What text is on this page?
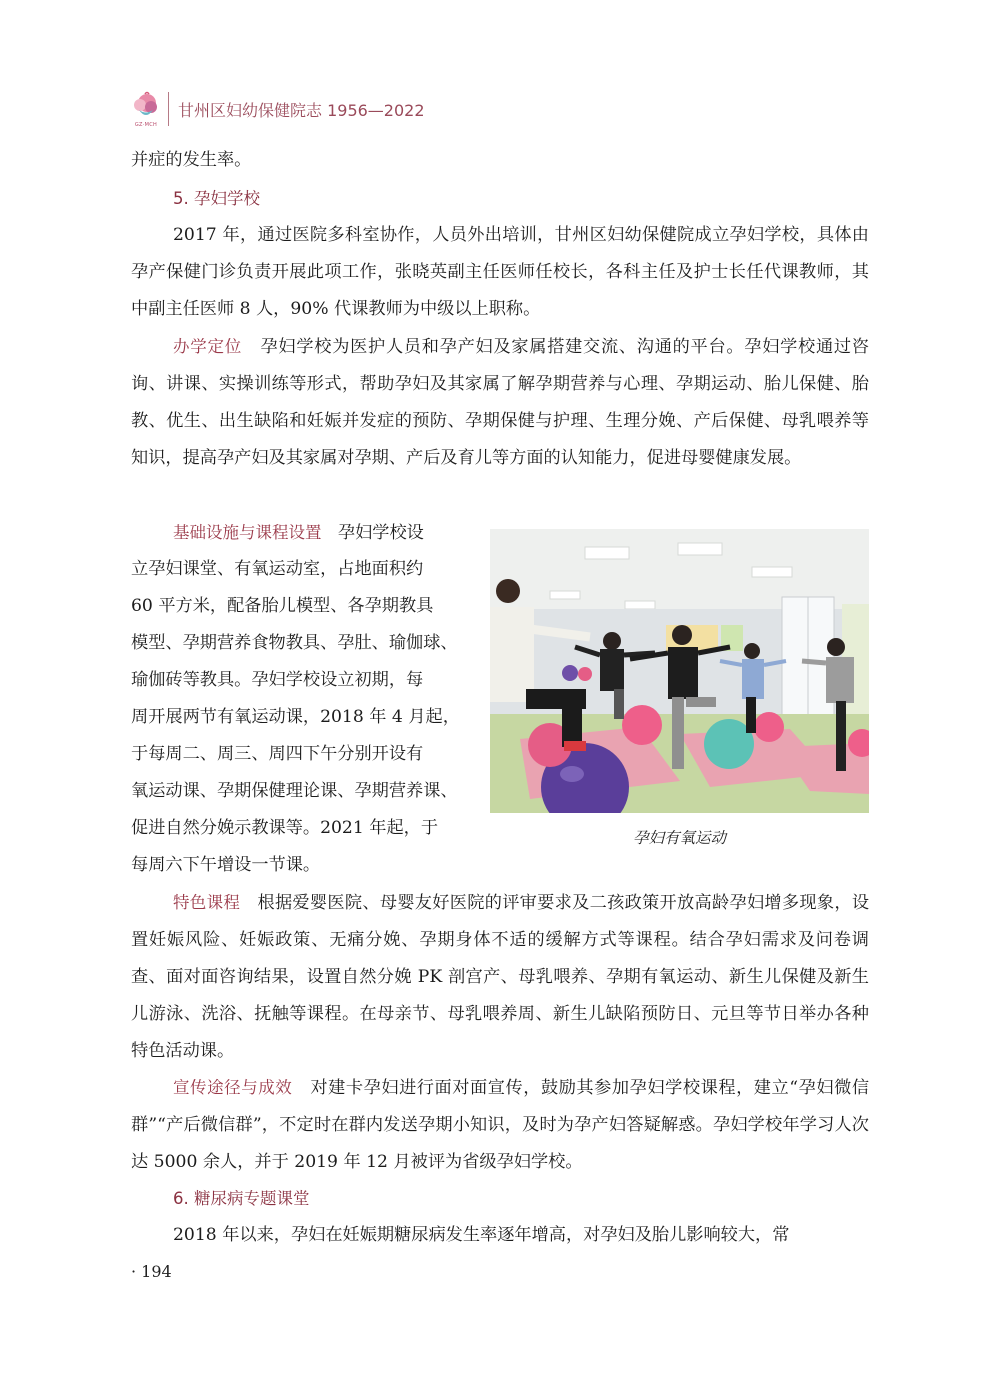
GZ·MCH
甘州区妇幼保健院志 1956—2022
并症的发生率。
5. 孕妇学校
2017 年，通过医院多科室协作，人员外出培训，甘州区妇幼保健院成立孕妇学校，具体由孕产保健门诊负责开展此项工作，张晓英副主任医师任校长，各科主任及护士长任代课教师，其中副主任医师 8 人，90% 代课教师为中级以上职称。
办学定位 孕妇学校为医护人员和孕产妇及家属搭建交流、沟通的平台。孕妇学校通过咨询、讲课、实操训练等形式，帮助孕妇及其家属了解孕期营养与心理、孕期运动、胎儿保健、胎教、优生、出生缺陷和妊娠并发症的预防、孕期保健与护理、生理分娩、产后保健、母乳喂养等知识，提高孕产妇及其家属对孕期、产后及育儿等方面的认知能力，促进母婴健康发展。
基础设施与课程设置 孕妇学校设
立孕妇课堂、有氧运动室，占地面积约
60 平方米，配备胎儿模型、各孕期教具
模型、孕期营养食物教具、孕肚、瑜伽球、
瑜伽砖等教具。孕妇学校设立初期，每
周开展两节有氧运动课，2018 年 4 月起，
于每周二、周三、周四下午分别开设有
氧运动课、孕期保健理论课、孕期营养课、
促进自然分娩示教课等。2021 年起，于
每周六下午增设一节课。
孕妇有氧运动
特色课程 根据爱婴医院、母婴友好医院的评审要求及二孩政策开放高龄孕妇增多现象，设置妊娠风险、妊娠政策、无痛分娩、孕期身体不适的缓解方式等课程。结合孕妇需求及问卷调查、面对面咨询结果，设置自然分娩 PK 剖宫产、母乳喂养、孕期有氧运动、新生儿保健及新生儿游泳、洗浴、抚触等课程。在母亲节、母乳喂养周、新生儿缺陷预防日、元旦等节日举办各种特色活动课。
宣传途径与成效 对建卡孕妇进行面对面宣传，鼓励其参加孕妇学校课程，建立“孕妇微信群”“产后微信群”，不定时在群内发送孕期小知识，及时为孕产妇答疑解惑。孕妇学校年学习人次达 5000 余人，并于 2019 年 12 月被评为省级孕妇学校。
6. 糖尿病专题课堂
2018 年以来，孕妇在妊娠期糖尿病发生率逐年增高，对孕妇及胎儿影响较大，常
· 194
